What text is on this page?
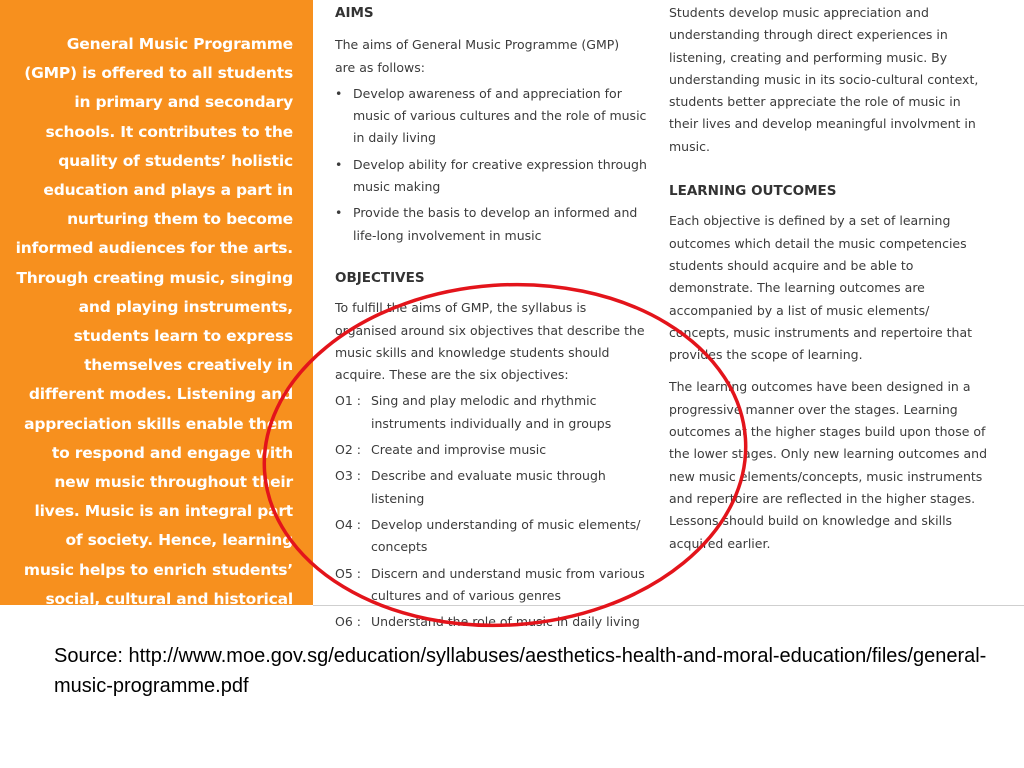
General Music Programme (GMP) is offered to all students in primary and secondary schools. It contributes to the quality of students’ holistic education and plays a part in nurturing them to become informed audiences for the arts. Through creating music, singing and playing instruments, students learn to express themselves creatively in different modes. Listening and appreciation skills enable them to respond and engage with new music throughout their lives. Music is an integral part of society. Hence, learning music helps to enrich students’ social, cultural and historical awareness.

AIMS

The aims of General Music Programme (GMP) are as follows:

• Develop awareness of and appreciation for music of various cultures and the role of music in daily living
• Develop ability for creative expression through music making
• Provide the basis to develop an informed and life-long involvement in music

OBJECTIVES

To fulfill the aims of GMP, the syllabus is organised around six objectives that describe the music skills and knowledge students should acquire. These are the six objectives:

O1 : Sing and play melodic and rhythmic instruments individually and in groups
O2 : Create and improvise music
O3 : Describe and evaluate music through listening
O4 : Develop understanding of music elements/ concepts
O5 : Discern and understand music from various cultures and of various genres
O6 : Understand the role of music in daily living

Students develop music appreciation and understanding through direct experiences in listening, creating and performing music. By understanding music in its socio-cultural context, students better appreciate the role of music in their lives and develop meaningful involvment in music.

LEARNING OUTCOMES

Each objective is defined by a set of learning outcomes which detail the music competencies students should acquire and be able to demonstrate. The learning outcomes are accompanied by a list of music elements/ concepts, music instruments and repertoire that provides the scope of learning.

The learning outcomes have been designed in a progressive manner over the stages. Learning outcomes at the higher stages build upon those of the lower stages. Only new learning outcomes and new music elements/concepts, music instruments and repertoire are reflected in the higher stages. Lessons should build on knowledge and skills acquired earlier.

Source: http://www.moe.gov.sg/education/syllabuses/aesthetics-health-and-moral-education/files/general-music-programme.pdf
